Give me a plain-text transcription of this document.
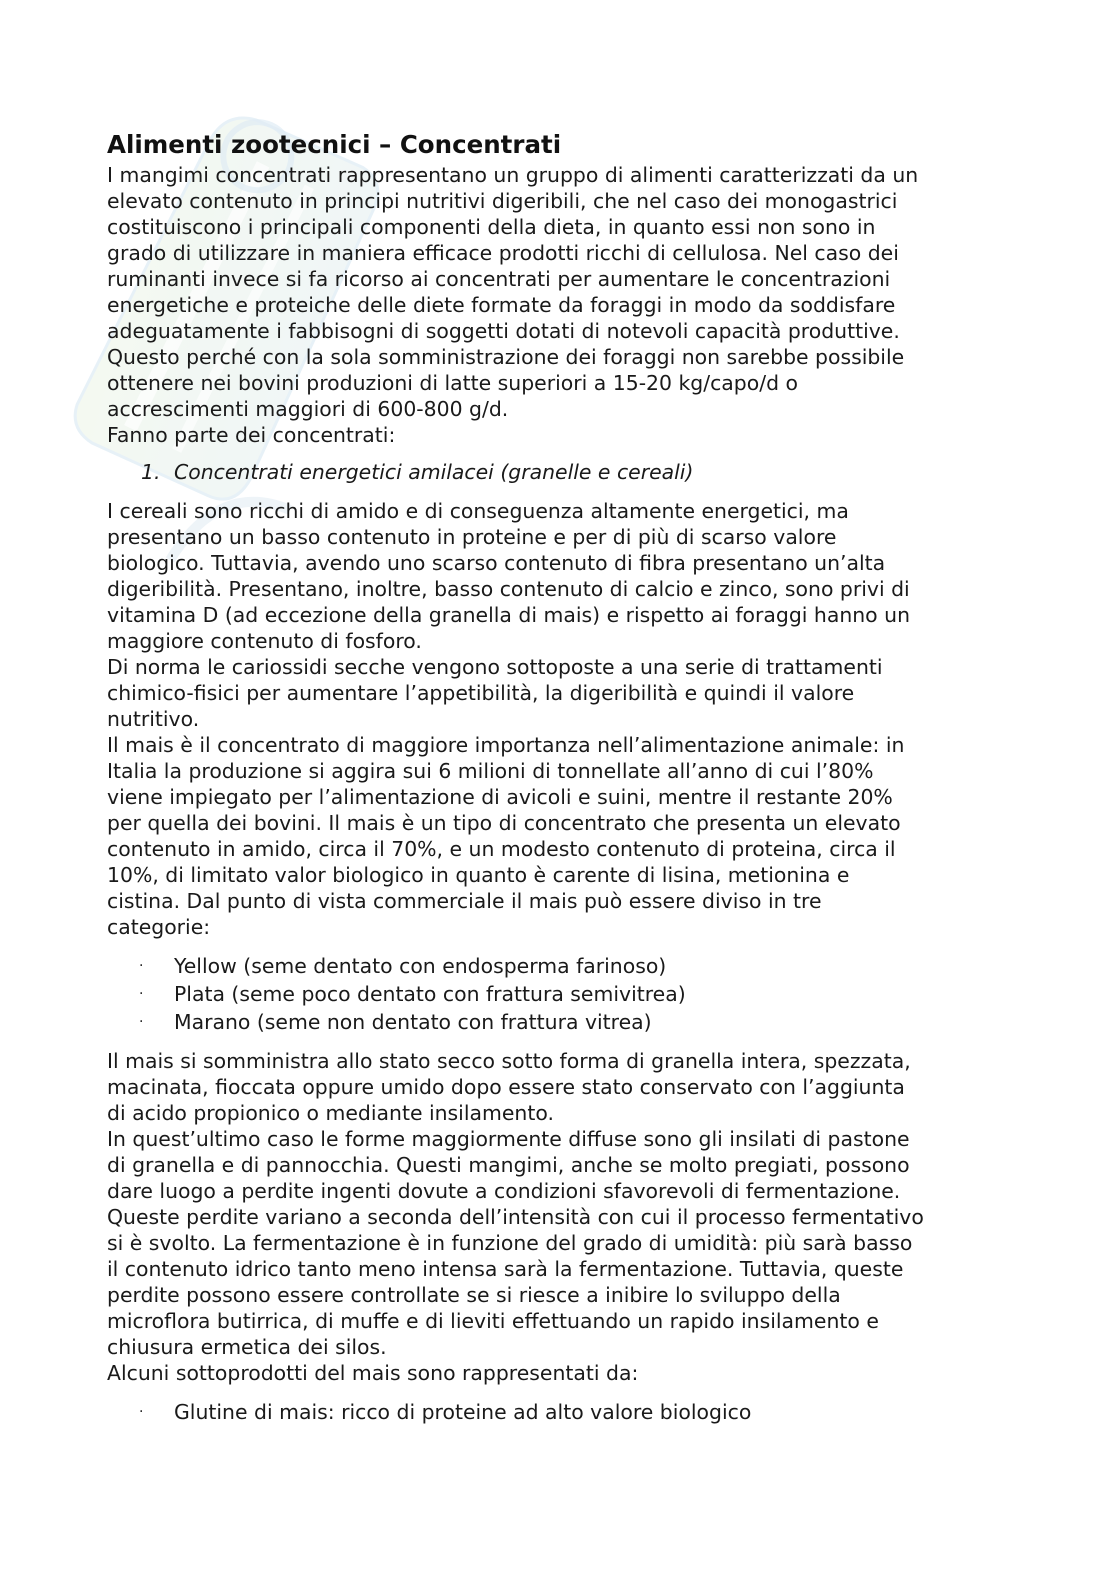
Alimenti zootecnici – Concentrati

I mangimi concentrati rappresentano un gruppo di alimenti caratterizzati da un

elevato contenuto in principi nutritivi digeribili, che nel caso dei monogastrici

costituiscono i principali componenti della dieta, in quanto essi non sono in

grado di utilizzare in maniera efficace prodotti ricchi di cellulosa. Nel caso dei

ruminanti invece si fa ricorso ai concentrati per aumentare le concentrazioni

energetiche e proteiche delle diete formate da foraggi in modo da soddisfare

adeguatamente i fabbisogni di soggetti dotati di notevoli capacità produttive.

Questo perché con la sola somministrazione dei foraggi non sarebbe possibile

ottenere nei bovini produzioni di latte superiori a 15-20 kg/capo/d o

accrescimenti maggiori di 600-800 g/d.

Fanno parte dei concentrati:

1. Concentrati energetici amilacei (granelle e cereali)

I cereali sono ricchi di amido e di conseguenza altamente energetici, ma

presentano un basso contenuto in proteine e per di più di scarso valore

biologico. Tuttavia, avendo uno scarso contenuto di fibra presentano un’alta

digeribilità. Presentano, inoltre, basso contenuto di calcio e zinco, sono privi di

vitamina D (ad eccezione della granella di mais) e rispetto ai foraggi hanno un

maggiore contenuto di fosforo.

Di norma le cariossidi secche vengono sottoposte a una serie di trattamenti

chimico-fisici per aumentare l’appetibilità, la digeribilità e quindi il valore

nutritivo.

Il mais è il concentrato di maggiore importanza nell’alimentazione animale: in

Italia la produzione si aggira sui 6 milioni di tonnellate all’anno di cui l’80%

viene impiegato per l’alimentazione di avicoli e suini, mentre il restante 20%

per quella dei bovini. Il mais è un tipo di concentrato che presenta un elevato

contenuto in amido, circa il 70%, e un modesto contenuto di proteina, circa il

10%, di limitato valor biologico in quanto è carente di lisina, metionina e

cistina. Dal punto di vista commerciale il mais può essere diviso in tre

categorie:

· Yellow (seme dentato con endosperma farinoso)
· Plata (seme poco dentato con frattura semivitrea)
· Marano (seme non dentato con frattura vitrea)

Il mais si somministra allo stato secco sotto forma di granella intera, spezzata,

macinata, fioccata oppure umido dopo essere stato conservato con l’aggiunta

di acido propionico o mediante insilamento.

In quest’ultimo caso le forme maggiormente diffuse sono gli insilati di pastone

di granella e di pannocchia. Questi mangimi, anche se molto pregiati, possono

dare luogo a perdite ingenti dovute a condizioni sfavorevoli di fermentazione.

Queste perdite variano a seconda dell’intensità con cui il processo fermentativo

si è svolto. La fermentazione è in funzione del grado di umidità: più sarà basso

il contenuto idrico tanto meno intensa sarà la fermentazione. Tuttavia, queste

perdite possono essere controllate se si riesce a inibire lo sviluppo della

microflora butirrica, di muffe e di lieviti effettuando un rapido insilamento e

chiusura ermetica dei silos.

Alcuni sottoprodotti del mais sono rappresentati da:

· Glutine di mais: ricco di proteine ad alto valore biologico
